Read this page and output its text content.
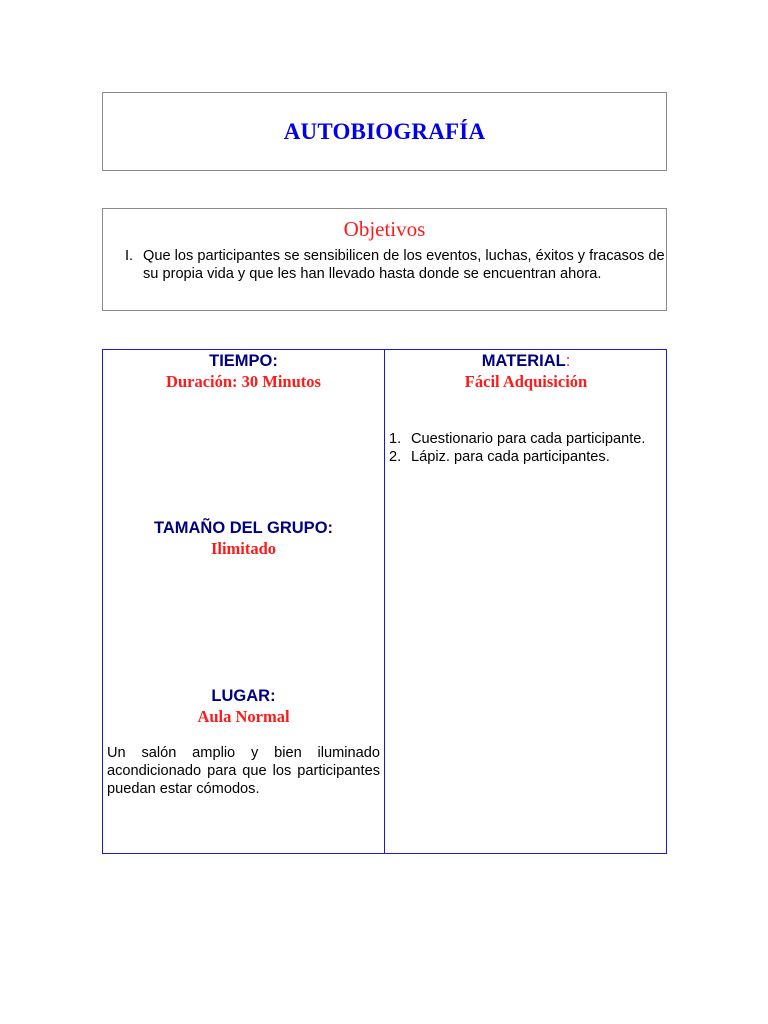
AUTOBIOGRAFÍA
Objetivos
I. Que los participantes se sensibilicen de los eventos, luchas, éxitos y fracasos de su propia vida y que les han llevado hasta donde se encuentran ahora.
TIEMPO:
Duración: 30 Minutos
TAMAÑO DEL GRUPO:
Ilimitado
LUGAR:
Aula Normal
Un salón amplio y bien iluminado acondicionado para que los participantes puedan estar cómodos.
MATERIAL:
Fácil Adquisición
1. Cuestionario para cada participante.
2. Lápiz. para cada participantes.
